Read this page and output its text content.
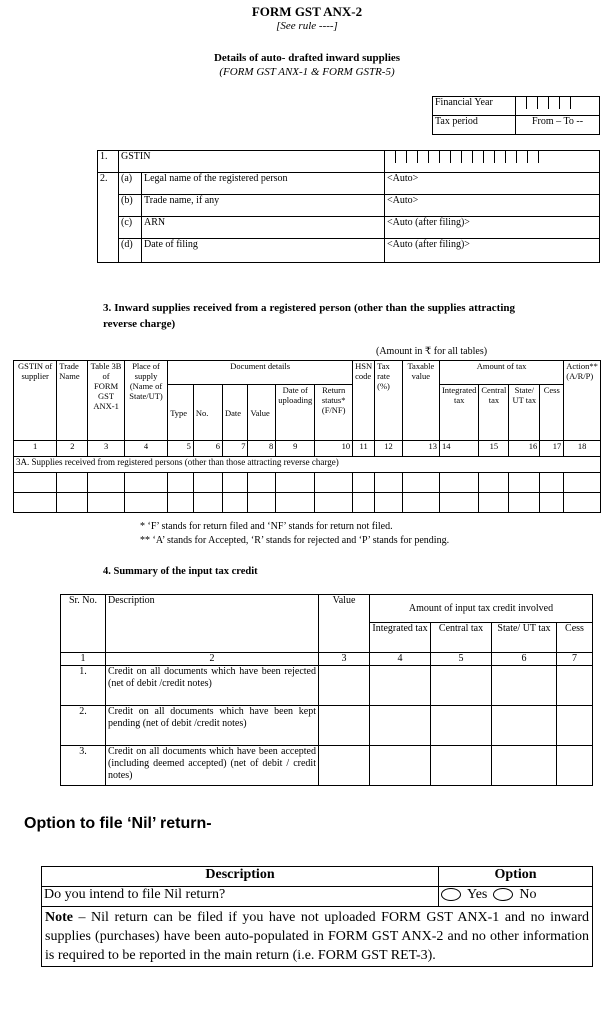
FORM GST ANX-2
[See rule ----]
Details of auto- drafted inward supplies
(FORM GST ANX-1 & FORM GSTR-5)
Financial Year	
Tax period	From – To --
1.	GSTIN		
2.	(a)	Legal name of the registered person	<Auto>
	(b)	Trade name, if any	<Auto>
	(c)	ARN	<Auto (after filing)>
	(d)	Date of filing	<Auto (after filing)>
3. Inward supplies received from a registered person (other than the supplies attracting reverse charge)
(Amount in ₹ for all tables)
GSTIN of supplier	Trade Name	Table 3B of FORM GST ANX-1	Place of supply (Name of State/UT)	Document details						HSN code	Tax rate (%)	Taxable value	Amount of tax				Action** (A/R/P)
				Type	No.	Date	Value	Date of uploading	Return status* (F/NF)				Integrated tax	Central tax	State/ UT tax	Cess	
1	2	3	4	5	6	7	8	9	10	11	12	13	14	15	16	17	18
3A. Supplies received from registered persons (other than those attracting reverse charge)																	

* ‘F’ stands for return filed and ‘NF’ stands for return not filed.
** ‘A’ stands for Accepted, ‘R’ stands for rejected and ‘P’ stands for pending.
4. Summary of the input tax credit
Sr. No.	Description	Value	Amount of input tax credit involved			
			Integrated tax	Central tax	State/ UT tax	Cess
1	2	3	4	5	6	7
1.	Credit on all documents which have been rejected (net of debit /credit notes)					
2.	Credit on all documents which have been kept pending (net of debit /credit notes)					
3.	Credit on all documents which have been accepted (including deemed accepted) (net of debit / credit notes)					
Option to file ‘Nil’ return-
Description	Option
Do you intend to file Nil return?	Yes No
Note – Nil return can be filed if you have not uploaded FORM GST ANX-1 and no inward supplies (purchases) have been auto-populated in FORM GST ANX-2 and no other information is required to be reported in the main return (i.e. FORM GST RET-3).	
